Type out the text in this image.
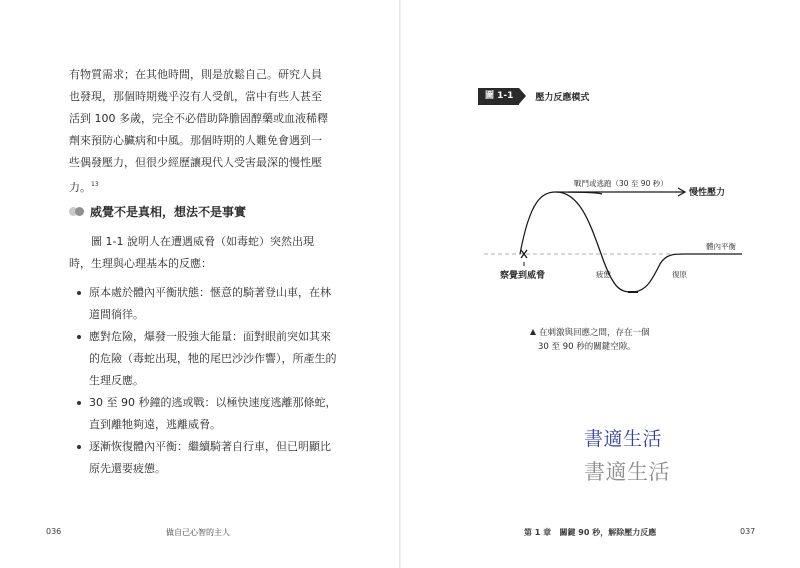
有物質需求；在其他時間，則是放鬆自己。研究人員也發現，那個時期幾乎沒有人受飢，當中有些人甚至活到 100 多歲，完全不必借助降膽固醇藥或血液稀釋劑來預防心臟病和中風。那個時期的人難免會遇到一些偶發壓力，但很少經歷讓現代人受害最深的慢性壓力。$^{13}$
威覺不是真相，想法不是事實
圖 1-1 說明人在遭遇威脅（如毒蛇）突然出現時，生理與心理基本的反應：
原本處於體內平衡狀態：愜意的騎著登山車，在林道間徜徉。
應對危險，爆發一股強大能量：面對眼前突如其來的危險（毒蛇出現，牠的尾巴沙沙作響），所產生的生理反應。
30 至 90 秒鐘的逃或戰：以極快速度逃離那條蛇，直到離牠夠遠，逃離威脅。
逐漸恢復體內平衡：繼續騎著自行車，但已明顯比原先還要疲憊。
036	做自己心智的主人
圖 1-1	壓力反應模式
戰鬥或逃跑（30 至 90 秒）
慢性壓力
體內平衡
察覺到威脅	疲憊	復原
在刺激與回應之間，存在一個
30 至 90 秒的關鍵空隙。
書適生活
書適生活
第 1 章 關鍵 90 秒，解除壓力反應	037
